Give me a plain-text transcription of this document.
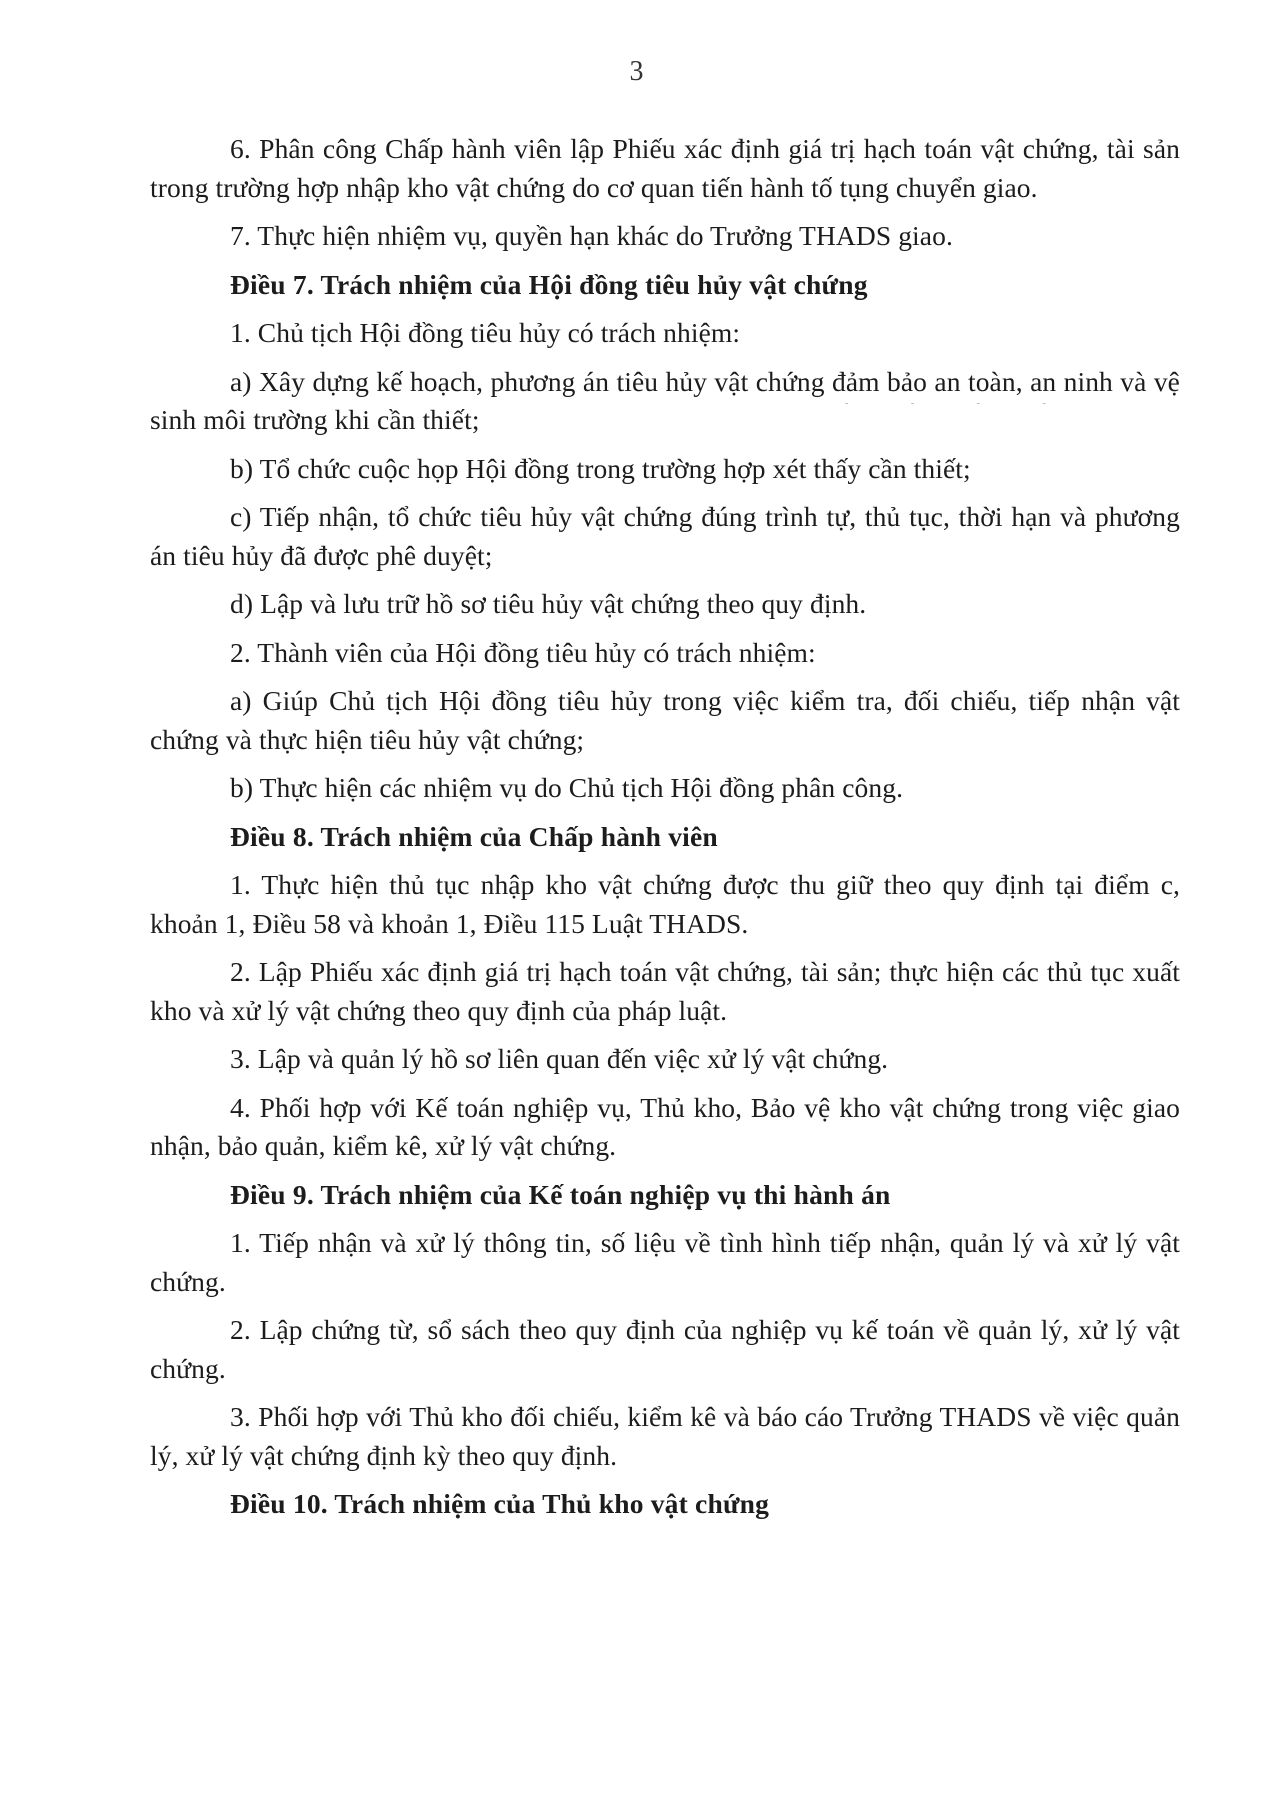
3
‐ ‐ ‐ ‐

6. Phân công Chấp hành viên lập Phiếu xác định giá trị hạch toán vật chứng, tài sản trong trường hợp nhập kho vật chứng do cơ quan tiến hành tố tụng chuyển giao.

7. Thực hiện nhiệm vụ, quyền hạn khác do Trưởng THADS giao.

Điều 7. Trách nhiệm của Hội đồng tiêu hủy vật chứng

1. Chủ tịch Hội đồng tiêu hủy có trách nhiệm:

a) Xây dựng kế hoạch, phương án tiêu hủy vật chứng đảm bảo an toàn, an ninh và vệ sinh môi trường khi cần thiết;

b) Tổ chức cuộc họp Hội đồng trong trường hợp xét thấy cần thiết;

c) Tiếp nhận, tổ chức tiêu hủy vật chứng đúng trình tự, thủ tục, thời hạn và phương án tiêu hủy đã được phê duyệt;

d) Lập và lưu trữ hồ sơ tiêu hủy vật chứng theo quy định.

2. Thành viên của Hội đồng tiêu hủy có trách nhiệm:

a) Giúp Chủ tịch Hội đồng tiêu hủy trong việc kiểm tra, đối chiếu, tiếp nhận vật chứng và thực hiện tiêu hủy vật chứng;

b) Thực hiện các nhiệm vụ do Chủ tịch Hội đồng phân công.

Điều 8. Trách nhiệm của Chấp hành viên

1. Thực hiện thủ tục nhập kho vật chứng được thu giữ theo quy định tại điểm c, khoản 1, Điều 58 và khoản 1, Điều 115 Luật THADS.

2. Lập Phiếu xác định giá trị hạch toán vật chứng, tài sản; thực hiện các thủ tục xuất kho và xử lý vật chứng theo quy định của pháp luật.

3. Lập và quản lý hồ sơ liên quan đến việc xử lý vật chứng.

4. Phối hợp với Kế toán nghiệp vụ, Thủ kho, Bảo vệ kho vật chứng trong việc giao nhận, bảo quản, kiểm kê, xử lý vật chứng.

Điều 9. Trách nhiệm của Kế toán nghiệp vụ thi hành án

1. Tiếp nhận và xử lý thông tin, số liệu về tình hình tiếp nhận, quản lý và xử lý vật chứng.

2. Lập chứng từ, sổ sách theo quy định của nghiệp vụ kế toán về quản lý, xử lý vật chứng.

3. Phối hợp với Thủ kho đối chiếu, kiểm kê và báo cáo Trưởng THADS về việc quản lý, xử lý vật chứng định kỳ theo quy định.

Điều 10. Trách nhiệm của Thủ kho vật chứng
